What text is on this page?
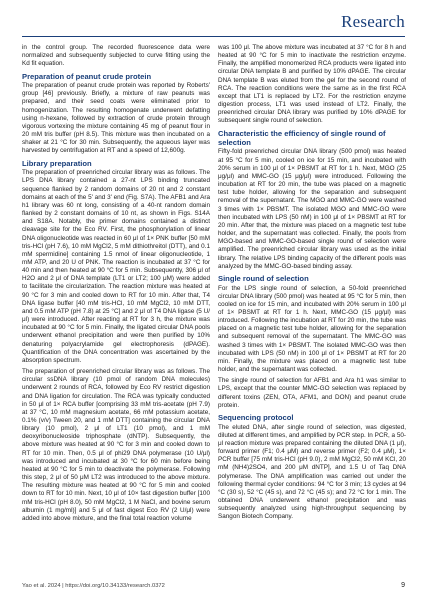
Research

in the control group. The recorded fluorescence data were normalized and subsequently subjected to curve fitting using the Kd fit equation.

Preparation of peanut crude protein

The preparation of peanut crude protein was reported by Roberts' group [46] previously. Briefly, a mixture of raw peanuts was prepared, and their seed coats were eliminated prior to homogenization. The resulting homogenate underwent defatting using n-hexane, followed by extraction of crude protein through vigorous vortexing the mixture containing 45 mg of peanut flour in 20 mM tris buffer (pH 8.5). This mixture was then incubated on a shaker at 21 °C for 30 min. Subsequently, the aqueous layer was harvested by centrifugation at RT and a speed of 12,600g.

Library preparation

The preparation of preenriched circular library was as follows. The LPS DNA library contained a 27-nt LPS binding truncated sequence flanked by 2 random domains of 20 nt and 2 constant domains at each of the 5' and 3' end (Fig. S7A). The AFB1 and Ara h1 library was 60 nt long, consisting of a 40-nt random domain flanked by 2 constant domains of 10 nt, as shown in Figs. S14A and S18A. Notably, the primer domains contained a distinct cleavage site for the Eco RV. First, the phosphorylation of linear DNA oligonucleotide was reacted in 60 μl of 1× PNK buffer [50 mM tris-HCl (pH 7.6), 10 mM MgCl2, 5 mM dithiothreitol (DTT), and 0.1 mM spermidine] containing 1.5 nmol of linear oligonucleotide, 1 mM ATP, and 20 U of PNK. The reaction is incubated at 37 °C for 40 min and then heated at 90 °C for 5 min. Subsequently, 306 μl of H2O and 2 μl of DNA template (LT1 or LT2; 100 μM) were added to facilitate the circularization. The reaction mixture was heated at 90 °C for 3 min and cooled down to RT for 10 min. After that, T4 DNA ligase buffer [40 mM tris-HCl, 10 mM MgCl2, 10 mM DTT, and 0.5 mM ATP (pH 7.8) at 25 °C] and 2 μl of T4 DNA ligase (5 U/μl) were introduced. After reacting at RT for 3 h, the mixture was incubated at 90 °C for 5 min. Finally, the ligated circular DNA pools underwent ethanol precipitation and were then purified by 10% denaturing polyacrylamide gel electrophoresis (dPAGE). Quantification of the DNA concentration was ascertained by the absorption spectrum.

The preparation of preenriched circular library was as follows. The circular ssDNA library (10 pmol of random DNA molecules) underwent 2 rounds of RCA, followed by Eco RV restrict digestion and DNA ligation for circulation. The RCA was typically conducted in 50 μl of 1× RCA buffer [comprising 33 mM tris-acetate (pH 7.9) at 37 °C, 10 mM magnesium acetate, 66 mM potassium acetate, 0.1% (v/v) Tween 20, and 1 mM DTT] containing the circular DNA library (10 pmol), 2 μl of LT1 (10 pmol), and 1 mM deoxyribonucleoside triphosphate (dNTP). Subsequently, the above mixture was heated at 90 °C for 3 min and cooled down to RT for 10 min. Then, 0.5 μl of phi29 DNA polymerase (10 U/μl) was introduced and incubated at 30 °C for 60 min before being heated at 90 °C for 5 min to deactivate the polymerase. Following this step, 2 μl of 50 μM LT2 was introduced to the above mixture. The resulting mixture was heated at 90 °C for 5 min and cooled down to RT for 10 min. Next, 10 μl of 10× fast digestion buffer [100 mM tris-HCl (pH 8.0), 50 mM MgCl2, 1 M NaCl, and bovine serum albumin (1 mg/ml)] and 5 μl of fast digest Eco RV (2 U/μl) were added into above mixture, and the final total reaction volume

was 100 μl. The above mixture was incubated at 37 °C for 8 h and heated at 90 °C for 5 min to inactivate the restriction enzyme. Finally, the amplified monomerized RCA products were ligated into circular DNA template B and purified by 10% dPAGE. The circular DNA template B was eluted from the gel for the second round of RCA. The reaction conditions were the same as in the first RCA except that LT1 is replaced by LT2. For the restriction enzyme digestion process, LT1 was used instead of LT2. Finally, the preenriched circular DNA library was purified by 10% dPAGE for subsequent single round of selection.

Characteristic the efficiency of single round of selection

Fifty-fold preenriched circular DNA library (500 pmol) was heated at 95 °C for 5 min, cooled on ice for 15 min, and incubated with 20% serum in 100 μl of 1× PBSMT at RT for 1 h. Next, MGO (25 μg/μl) and MMC-GO (15 μg/μl) were introduced. Following the incubation at RT for 20 min, the tube was placed on a magnetic test tube holder, allowing for the separation and subsequent removal of the supernatant. The MGO and MMC-GO were washed 3 times with 1× PBSMT. The isolated MGO and MMC-GO were then incubated with LPS (50 nM) in 100 μl of 1× PBSMT at RT for 20 min. After that, the mixture was placed on a magnetic test tube holder, and the supernatant was collected. Finally, the pools from MGO-based and MMC-GO-based single round of selection were amplified. The preenriched circular library was used as the initial library. The relative LPS binding capacity of the different pools was analyzed by the MMC-GO-based binding assay.

Single round of selection

For the LPS single round of selection, a 50-fold preenriched circular DNA library (500 pmol) was heated at 95 °C for 5 min, then cooled on ice for 15 min, and incubated with 20% serum in 100 μl of 1× PBSMT at RT for 1 h. Next, MMC-GO (15 μg/μl) was introduced. Following the incubation at RT for 20 min, the tube was placed on a magnetic test tube holder, allowing for the separation and subsequent removal of the supernatant. The MMC-GO was washed 3 times with 1× PBSMT. The isolated MMC-GO was then incubated with LPS (50 nM) in 100 μl of 1× PBSMT at RT for 20 min. Finally, the mixture was placed on a magnetic test tube holder, and the supernatant was collected.

The single round of selection for AFB1 and Ara h1 was similar to LPS, except that the counter MMC-GO selection was replaced by different toxins (ZEN, OTA, AFM1, and DON) and peanut crude protein.

Sequencing protocol

The eluted DNA, after single round of selection, was digested, diluted at different times, and amplified by PCR step. In PCR, a 50-μl reaction mixture was prepared containing the diluted DNA (1 μl), forward primer (F1; 0.4 μM) and reverse primer (F2; 0.4 μM), 1× PCR buffer [75 mM tris-HCl (pH 9.0), 2 mM MgCl2, 50 mM KCl, 20 mM (NH4)2SO4, and 200 μM dNTP], and 1.5 U of Taq DNA polymerase. The DNA amplification was carried out under the following thermal cycler conditions: 94 °C for 3 min; 13 cycles at 94 °C (30 s), 52 °C (45 s), and 72 °C (45 s); and 72 °C for 1 min. The obtained DNA underwent ethanol precipitation and was subsequently analyzed using high-throughput sequencing by Sangon Biotech Company.

Yao et al. 2024 | https://doi.org/10.34133/research.0372	9
